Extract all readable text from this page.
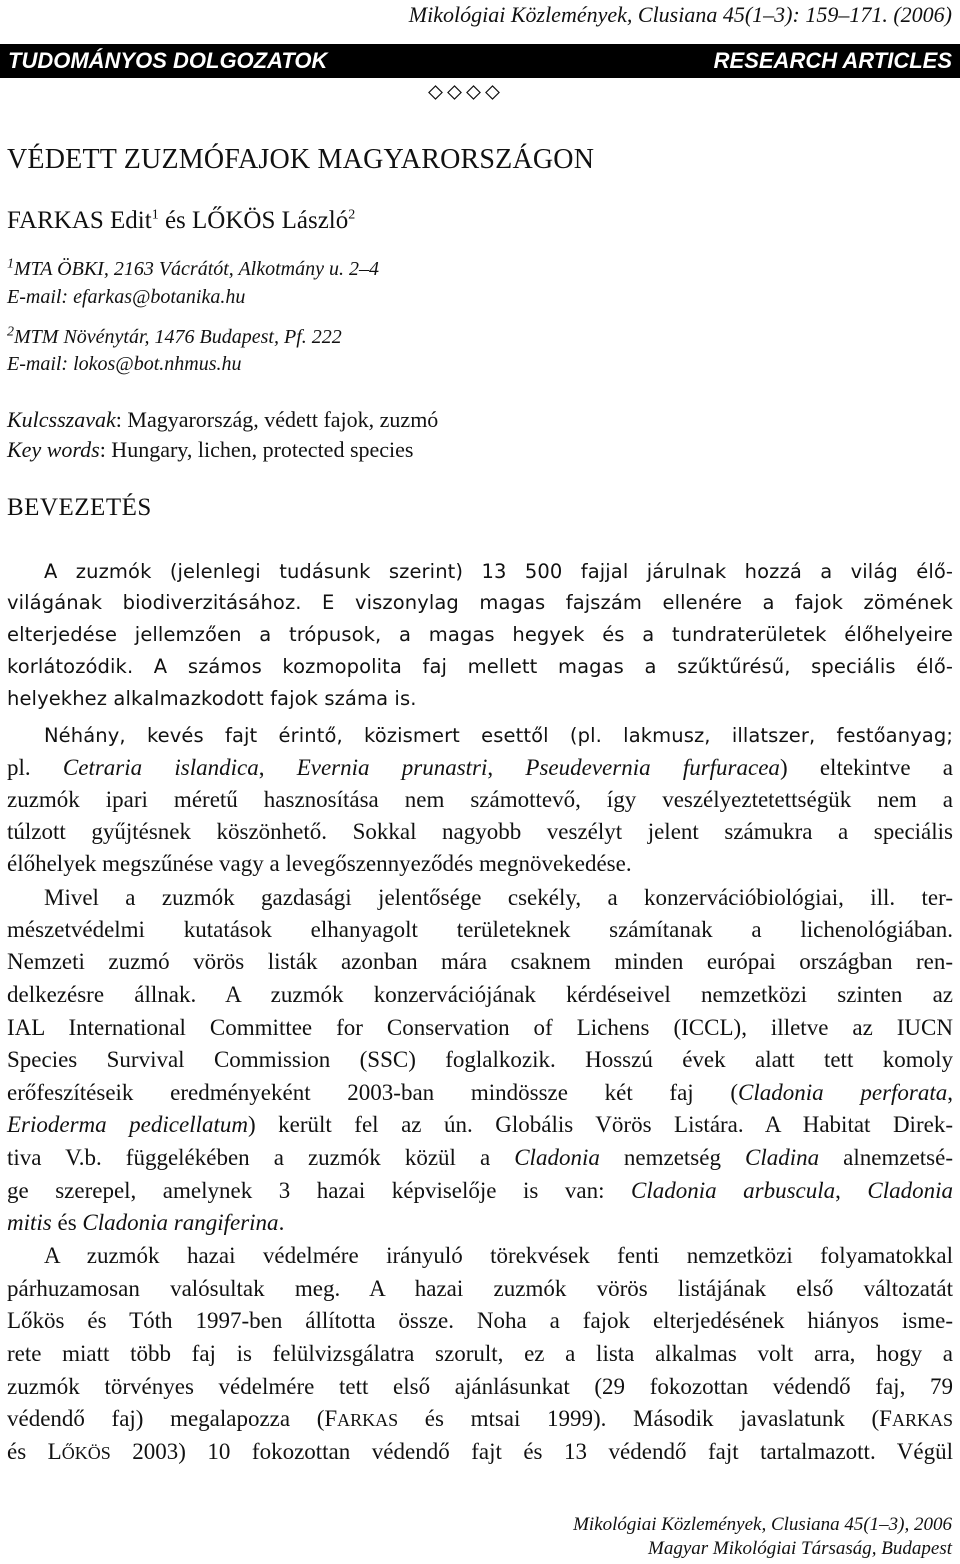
Mikológiai Közlemények, Clusiana 45(1–3): 159–171. (2006)
TUDOMÁNYOS DOLGOZATOK	RESEARCH ARTICLES
VÉDETT ZUZMÓFAJOK MAGYARORSZÁGON
FARKAS Edit$^1$ és LŐKÖS László$^2$
$^1$MTA ÖBKI, 2163 Vácrátót, Alkotmány u. 2–4
E-mail: efarkas@botanika.hu
$^2$MTM Növénytár, 1476 Budapest, Pf. 222
E-mail: lokos@bot.nhmus.hu
Kulcsszavak: Magyarország, védett fajok, zuzmó
Key words: Hungary, lichen, protected species
BEVEZETÉS
A zuzmók (jelenlegi tudásunk szerint) 13 500 fajjal járulnak hozzá a világ élő-
világának biodiverzitásához. E viszonylag magas fajszám ellenére a fajok zömének
elterjedése jellemzően a trópusok, a magas hegyek és a tundraterületek élőhelyeire
korlátozódik. A számos kozmopolita faj mellett magas a szűktűrésű, speciális élő-
helyekhez alkalmazkodott fajok száma is.
Néhány, kevés fajt érintő, közismert esettől (pl. lakmusz, illatszer, festőanyag;
pl. Cetraria islandica, Evernia prunastri, Pseudevernia furfuracea) eltekintve a
zuzmók ipari méretű hasznosítása nem számottevő, így veszélyeztetettségük nem a
túlzott gyűjtésnek köszönhető. Sokkal nagyobb veszélyt jelent számukra a speciális
élőhelyek megszűnése vagy a levegőszennyeződés megnövekedése.
Mivel a zuzmók gazdasági jelentősége csekély, a konzervációbiológiai, ill. ter-
mészetvédelmi kutatások elhanyagolt területeknek számítanak a lichenológiában.
Nemzeti zuzmó vörös listák azonban mára csaknem minden európai országban ren-
delkezésre állnak. A zuzmók konzervációjának kérdéseivel nemzetközi szinten az
IAL International Committee for Conservation of Lichens (ICCL), illetve az IUCN
Species Survival Commission (SSC) foglalkozik. Hosszú évek alatt tett komoly
erőfeszítéseik eredményeként 2003-ban mindössze két faj (Cladonia perforata,
Erioderma pedicellatum) került fel az ún. Globális Vörös Listára. A Habitat Direk-
tiva V.b. függelékében a zuzmók közül a Cladonia nemzetség Cladina alnemzetsé-
ge szerepel, amelynek 3 hazai képviselője is van: Cladonia arbuscula, Cladonia
mitis és Cladonia rangiferina.
A zuzmók hazai védelmére irányuló törekvések fenti nemzetközi folyamatokkal
párhuzamosan valósultak meg. A hazai zuzmók vörös listájának első változatát
Lőkös és Tóth 1997-ben állította össze. Noha a fajok elterjedésének hiányos isme-
rete miatt több faj is felülvizsgálatra szorult, ez a lista alkalmas volt arra, hogy a
zuzmók törvényes védelmére tett első ajánlásunkat (29 fokozottan védendő faj, 79
védendő faj) megalapozza (FARKAS és mtsai 1999). Második javaslatunk (FARKAS
és LŐKÖS 2003) 10 fokozottan védendő fajt és 13 védendő fajt tartalmazott. Végül
Mikológiai Közlemények, Clusiana 45(1–3), 2006
Magyar Mikológiai Társaság, Budapest
